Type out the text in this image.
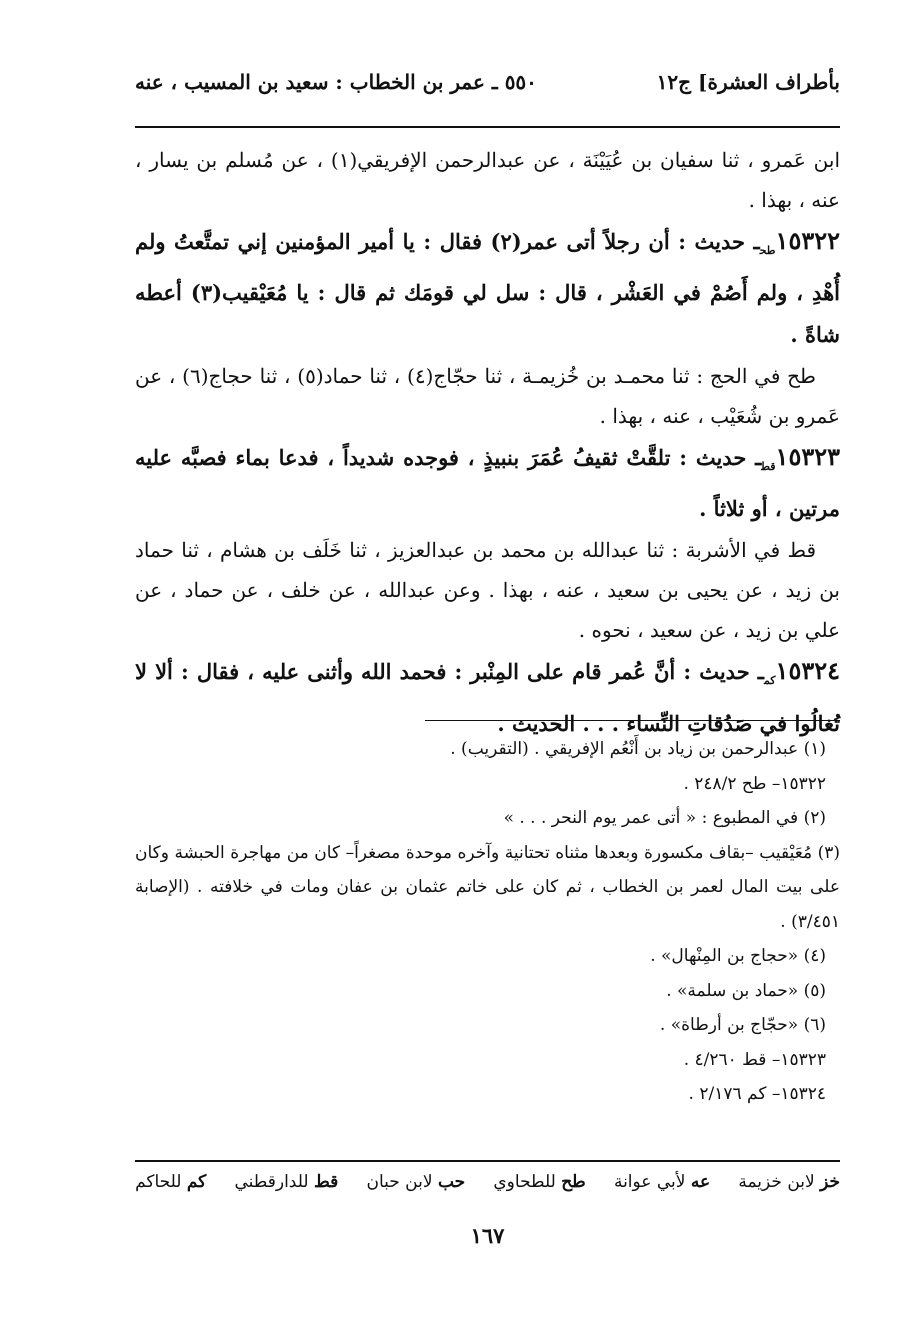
بأطراف العشرة] ج١٢
٥٥٠ ـ عمر بن الخطاب : سعيد بن المسيب ، عنه

ابن عَمرو ، ثنا سفيان بن عُيَيْنَة ، عن عبدالرحمن الإفريقي(١) ، عن مُسلم بن يسار ، عنه ، بهذا .

$١٥٣٢٢_{طح}ـ$ حديث : أن رجلاً أتى عمر(٢) فقال : يا أمير المؤمنين إني تمتَّعتُ ولم أُهْدِ ، ولم أَصُمْ في العَشْر ، قال : سل لي قومَك ثم قال : يا مُعَيْقيب(٣) أعطه شاةً .

طح في الحج : ثنا محمـد بن خُزيمـة ، ثنا حجّاج(٤) ، ثنا حماد(٥) ، ثنا حجاج(٦) ، عن عَمرو بن شُعَيْب ، عنه ، بهذا .

$١٥٣٢٣_{قط}ـ$ حديث : تلقَّتْ ثقيفُ عُمَرَ بنبيذٍ ، فوجده شديداً ، فدعا بماء فصبَّه عليه مرتين ، أو ثلاثاً .

قط في الأشربة : ثنا عبدالله بن محمد بن عبدالعزيز ، ثنا خَلَف بن هشام ، ثنا حماد بن زيد ، عن يحيى بن سعيد ، عنه ، بهذا . وعن عبدالله ، عن خلف ، عن حماد ، عن علي بن زيد ، عن سعيد ، نحوه .

$١٥٣٢٤_{كم}ـ$ حديث : أنَّ عُمر قام على المِنْبر : فحمد الله وأثنى عليه ، فقال : ألا لا تُغالُوا في صَدُقاتِ النِّساء . . . الحديث .

(١) عبدالرحمن بن زياد بن أَنْعُم الإفريقي . (التقريب) .

١٥٣٢٢– طح ٢٤٨/٢ .

(٢) في المطبوع : « أتى عمر يوم النحر . . . »

(٣) مُعَيْقيب –بقاف مكسورة وبعدها مثناه تحتانية وآخره موحدة مصغراً– كان من مهاجرة الحبشة وكان على بيت المال لعمر بن الخطاب ، ثم كان على خاتم عثمان بن عفان ومات في خلافته . (الإصابة ٣/٤٥١) .

(٤) «حجاج بن المِنْهال» .

(٥) «حماد بن سلمة» .

(٦) «حجّاج بن أرطاة» .

١٥٣٢٣– قط ٤/٢٦٠ .

١٥٣٢٤– كم ٢/١٧٦ .

خز لابن خزيمة
عه لأبي عوانة
طح للطحاوي
حب لابن حبان
قط للدارقطني
كم للحاكم
١٦٧
